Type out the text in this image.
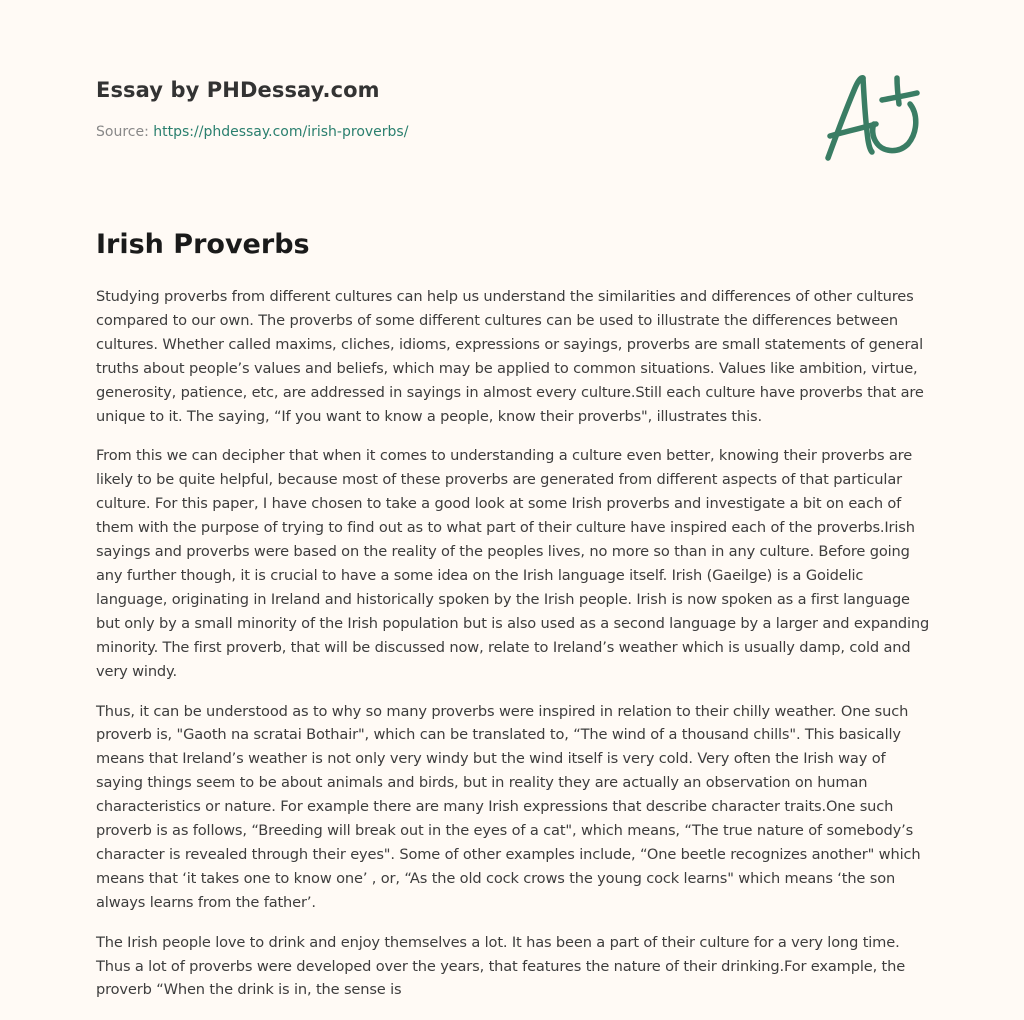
Essay by PHDessay.com
Source: https://phdessay.com/irish-proverbs/
Irish Proverbs

Studying proverbs from different cultures can help us understand the similarities and differences of other cultures compared to our own. The proverbs of some different cultures can be used to illustrate the differences between cultures. Whether called maxims, cliches, idioms, expressions or sayings, proverbs are small statements of general truths about people’s values and beliefs, which may be applied to common situations. Values like ambition, virtue, generosity, patience, etc, are addressed in sayings in almost every culture.Still each culture have proverbs that are unique to it. The saying, “If you want to know a people, know their proverbs", illustrates this.

From this we can decipher that when it comes to understanding a culture even better, knowing their proverbs are likely to be quite helpful, because most of these proverbs are generated from different aspects of that particular culture. For this paper, I have chosen to take a good look at some Irish proverbs and investigate a bit on each of them with the purpose of trying to find out as to what part of their culture have inspired each of the proverbs.Irish sayings and proverbs were based on the reality of the peoples lives, no more so than in any culture. Before going any further though, it is crucial to have a some idea on the Irish language itself. Irish (Gaeilge) is a Goidelic language, originating in Ireland and historically spoken by the Irish people. Irish is now spoken as a first language but only by a small minority of the Irish population but is also used as a second language by a larger and expanding minority. The first proverb, that will be discussed now, relate to Ireland’s weather which is usually damp, cold and very windy.

Thus, it can be understood as to why so many proverbs were inspired in relation to their chilly weather. One such proverb is, "Gaoth na scratai Bothair", which can be translated to, “The wind of a thousand chills". This basically means that Ireland’s weather is not only very windy but the wind itself is very cold. Very often the Irish way of saying things seem to be about animals and birds, but in reality they are actually an observation on human characteristics or nature. For example there are many Irish expressions that describe character traits.One such proverb is as follows, “Breeding will break out in the eyes of a cat", which means, “The true nature of somebody’s character is revealed through their eyes". Some of other examples include, “One beetle recognizes another" which means that ‘it takes one to know one’ , or, “As the old cock crows the young cock learns" which means ‘the son always learns from the father’.

The Irish people love to drink and enjoy themselves a lot. It has been a part of their culture for a very long time. Thus a lot of proverbs were developed over the years, that features the nature of their drinking.For example, the proverb “When the drink is in, the sense is
